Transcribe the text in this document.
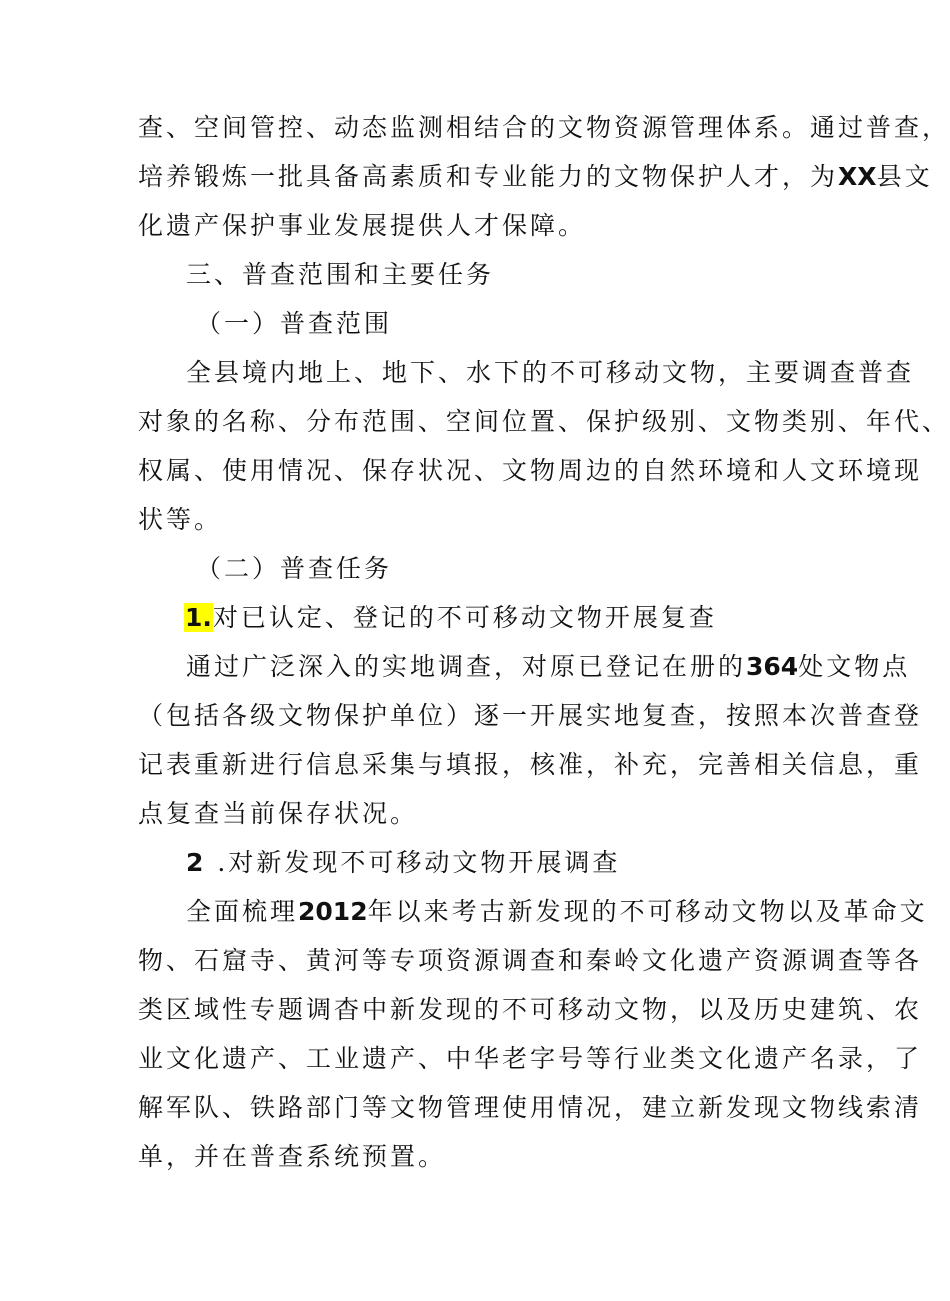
查、空间管控、动态监测相结合的文物资源管理体系。通过普查，
培养锻炼一批具备高素质和专业能力的文物保护人才，为XX县文
化遗产保护事业发展提供人才保障。
三、普查范围和主要任务
（一）普查范围
全县境内地上、地下、水下的不可移动文物，主要调查普查
对象的名称、分布范围、空间位置、保护级别、文物类别、年代、
权属、使用情况、保存状况、文物周边的自然环境和人文环境现
状等。
（二）普查任务
1.对已认定、登记的不可移动文物开展复查
通过广泛深入的实地调查，对原已登记在册的364处文物点
（包括各级文物保护单位）逐一开展实地复查，按照本次普查登
记表重新进行信息采集与填报，核准，补充，完善相关信息，重
点复查当前保存状况。
2 .对新发现不可移动文物开展调查
全面梳理2012年以来考古新发现的不可移动文物以及革命文
物、石窟寺、黄河等专项资源调查和秦岭文化遗产资源调查等各
类区域性专题调杳中新发现的不可移动文物，以及历史建筑、农
业文化遗产、工业遗产、中华老字号等行业类文化遗产名录，了
解军队、铁路部门等文物管理使用情况，建立新发现文物线索清
单，并在普查系统预置。
